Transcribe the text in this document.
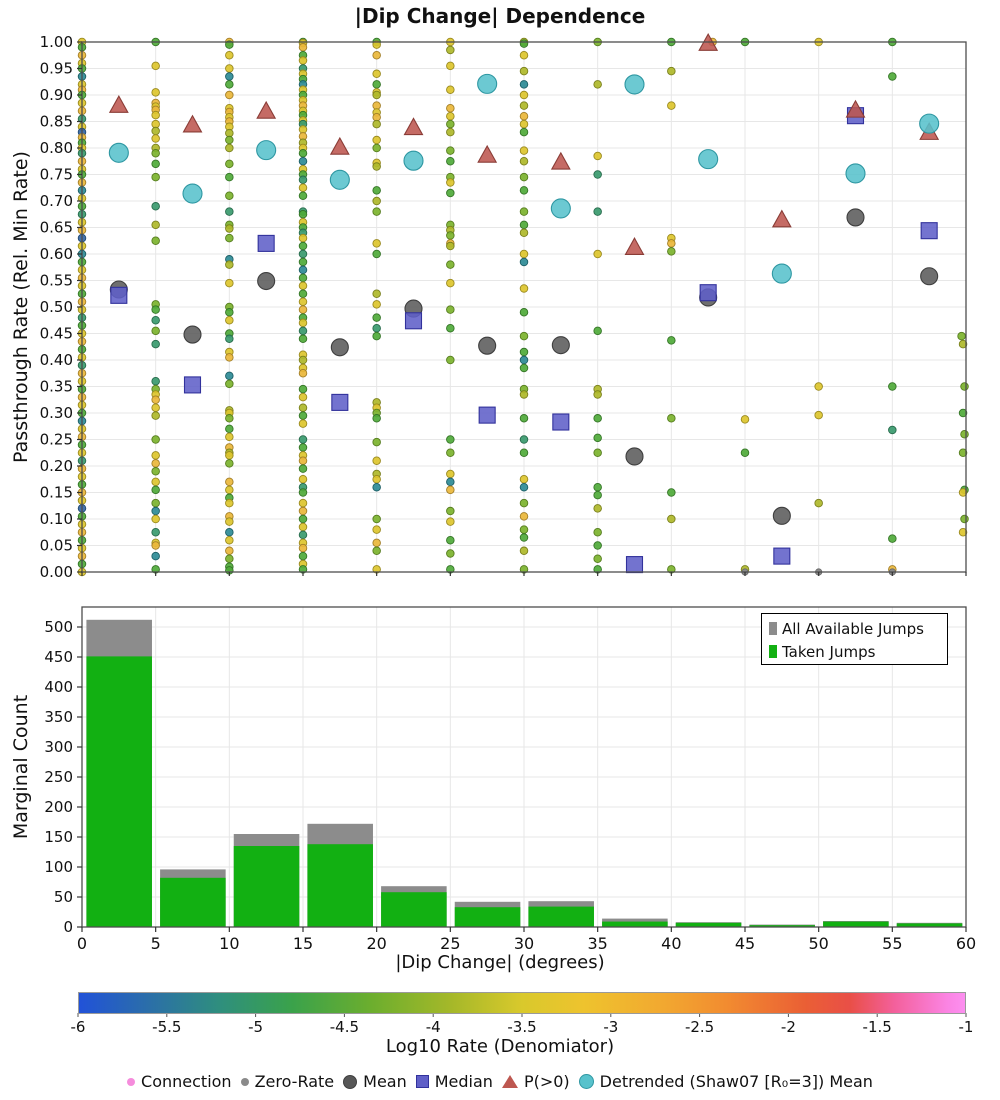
0.00
0.05
0.10
0.15
0.20
0.25
0.30
0.35
0.40
0.45
0.50
0.55
0.60
0.65
0.70
0.75
0.80
0.85
0.90
0.95
1.00
0
50
100
150
200
250
300
350
400
450
500
0	5	10	15	20	25	30	35	40	45	50	55	60
|Dip Change| Dependence
Passthrough Rate (Rel. Min Rate)
Marginal Count
|Dip Change| (degrees)
All Available Jumps
Taken Jumps
-6	-5.5	-5	-4.5	-4	-3.5	-3	-2.5	-2	-1.5	-1
Log10 Rate (Denomiator)
Connection Zero-Rate Mean Median P(>0) Detrended (Shaw07 [R₀=3]) Mean
